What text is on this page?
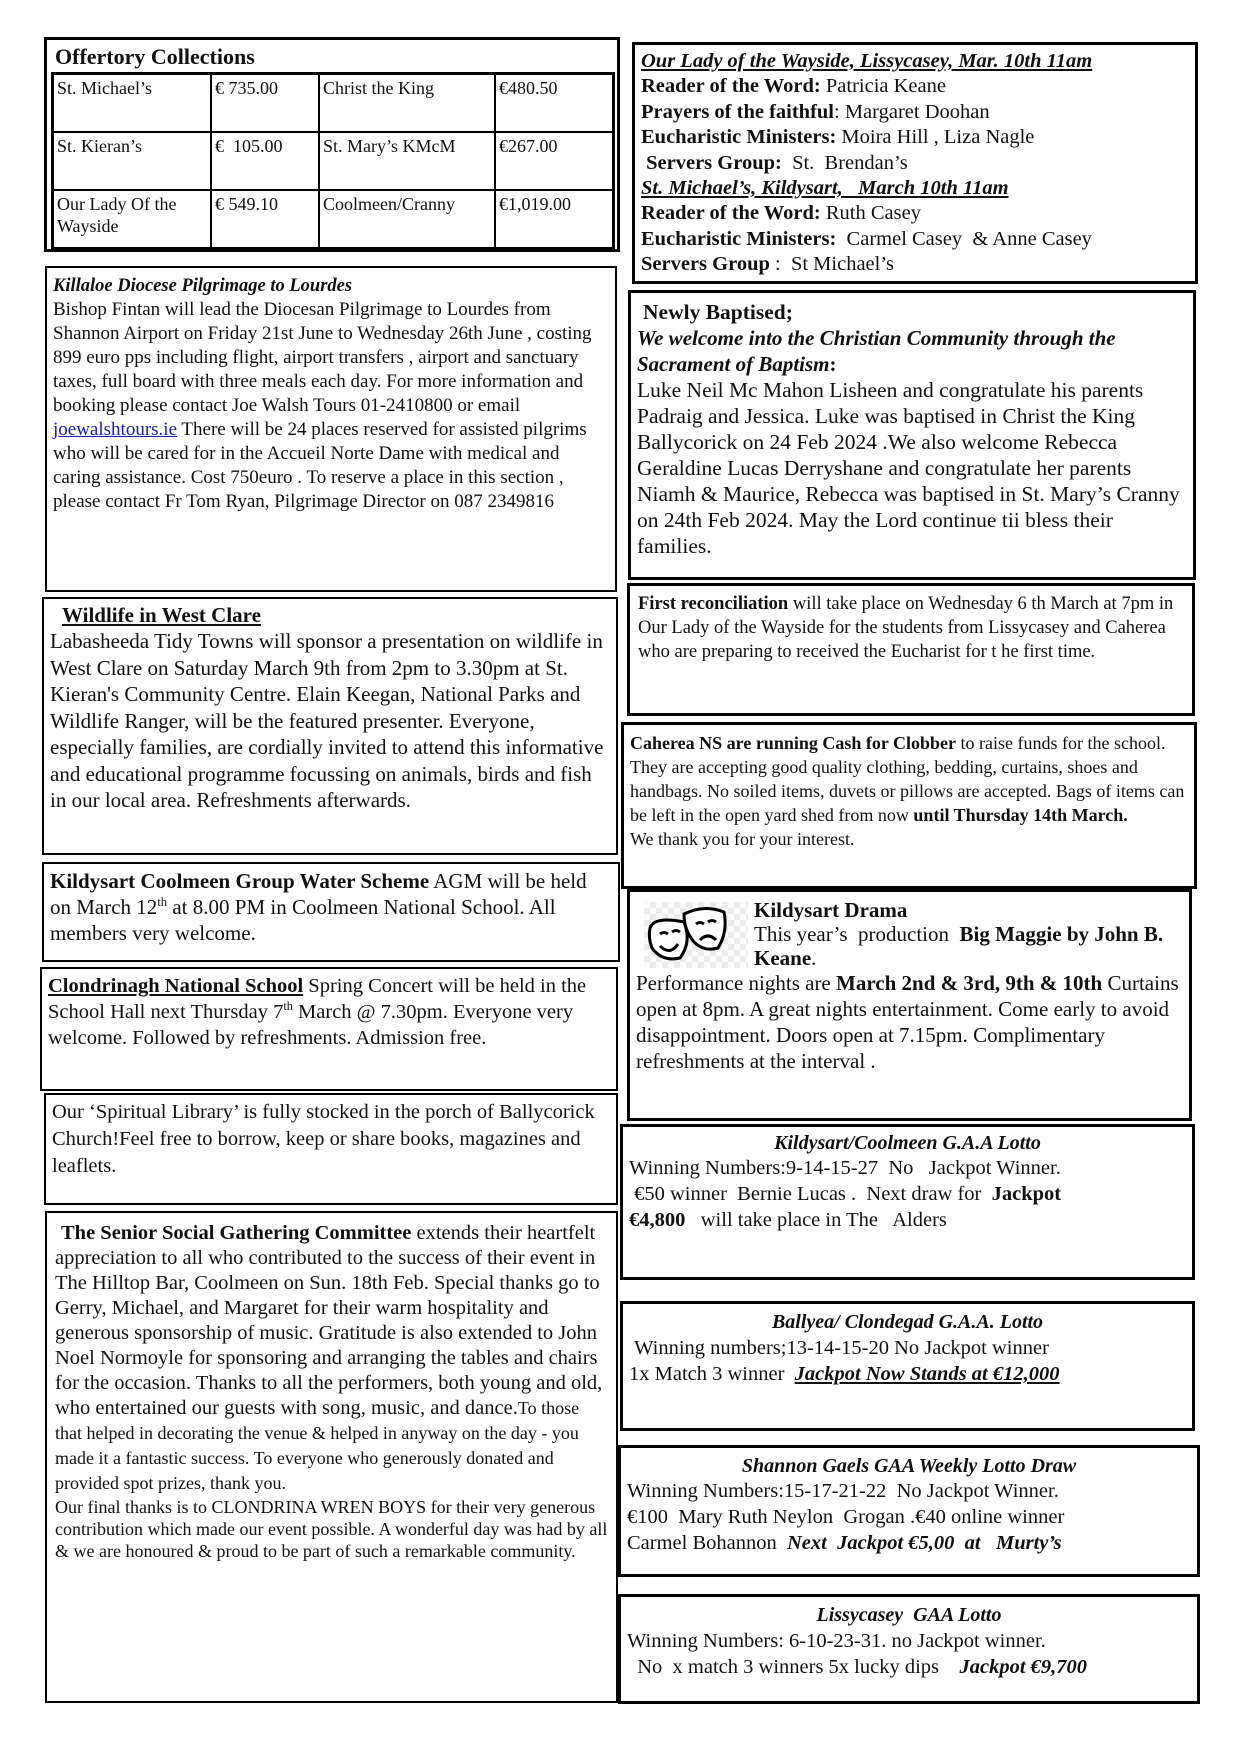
Offertory Collections
St. Michael’s	€ 735.00	Christ the King	€480.50
St. Kieran’s	€  105.00	St. Mary’s KMcM	€267.00
Our Lady Of the Wayside	€ 549.10	Coolmeen/Cranny	€1,019.00

Killaloe Diocese Pilgrimage to Lourdes

Bishop Fintan will lead the Diocesan Pilgrimage to Lourdes from Shannon Airport on Friday 21st June to Wednesday 26th June , costing 899 euro pps including flight, airport transfers , airport and sanctuary taxes, full board with three meals each day. For more information and booking please contact Joe Walsh Tours 01-2410800 or email joewalshtours.ie There will be 24 places reserved for assisted pilgrims who will be cared for in the Accueil Norte Dame with medical and caring assistance. Cost 750euro . To reserve a place in this section , please contact Fr Tom Ryan, Pilgrimage Director on 087 2349816

Wildlife in West Clare

Labasheeda Tidy Towns will sponsor a presentation on wildlife in West Clare on Saturday March 9th from 2pm to 3.30pm at St. Kieran's Community Centre. Elain Keegan, National Parks and Wildlife Ranger, will be the featured presenter. Everyone, especially families, are cordially invited to attend this informative and educational programme focussing on animals, birds and fish in our local area. Refreshments afterwards.

Kildysart Coolmeen Group Water Scheme AGM will be held on March 12th at 8.00 PM in Coolmeen National School. All members very welcome.

Clondrinagh National School Spring Concert will be held in the School Hall next Thursday 7th March @ 7.30pm. Everyone very welcome. Followed by refreshments. Admission free.

Our ‘Spiritual Library’ is fully stocked in the porch of Ballycorick Church!Feel free to borrow, keep or share books, magazines and leaflets.

The Senior Social Gathering Committee extends their heartfelt appreciation to all who contributed to the success of their event in The Hilltop Bar, Coolmeen on Sun. 18th Feb. Special thanks go to Gerry, Michael, and Margaret for their warm hospitality and generous sponsorship of music. Gratitude is also extended to John Noel Normoyle for sponsoring and arranging the tables and chairs for the occasion. Thanks to all the performers, both young and old, who entertained our guests with song, music, and dance.To those that helped in decorating the venue & helped in anyway on the day - you made it a fantastic success. To everyone who generously donated and provided spot prizes, thank you.

Our final thanks is to CLONDRINA WREN BOYS for their very generous contribution which made our event possible. A wonderful day was had by all & we are honoured & proud to be part of such a remarkable community.

Our Lady of the Wayside, Lissycasey, Mar. 10th 11am

Reader of the Word: Patricia Keane

Prayers of the faithful: Margaret Doohan

Eucharistic Ministers: Moira Hill , Liza Nagle

Servers Group:  St.  Brendan’s

St. Michael’s, Kildysart,   March 10th 11am

Reader of the Word: Ruth Casey

Eucharistic Ministers:  Carmel Casey  & Anne Casey

Servers Group :  St Michael’s

Newly Baptised;

We welcome into the Christian Community through the Sacrament of Baptism:

Luke Neil Mc Mahon Lisheen and congratulate his parents Padraig and Jessica. Luke was baptised in Christ the King Ballycorick on 24 Feb 2024 .We also welcome Rebecca Geraldine Lucas Derryshane and congratulate her parents Niamh & Maurice, Rebecca was baptised in St. Mary’s Cranny on 24th Feb 2024. May the Lord continue tii bless their families.

First reconciliation will take place on Wednesday 6 th March at 7pm in Our Lady of the Wayside for the students from Lissycasey and Caherea who are preparing to received the Eucharist for t he first time.

Caherea NS are running Cash for Clobber to raise funds for the school. They are accepting good quality clothing, bedding, curtains, shoes and handbags. No soiled items, duvets or pillows are accepted. Bags of items can be left in the open yard shed from now until Thursday 14th March.

We thank you for your interest.

Kildysart Drama

This year’s  production  Big Maggie by John B. Keane.

Performance nights are March 2nd & 3rd, 9th & 10th Curtains open at 8pm. A great nights entertainment. Come early to avoid disappointment. Doors open at 7.15pm. Complimentary refreshments at the interval .

Kildysart/Coolmeen G.A.A Lotto

Winning Numbers:9-14-15-27  No   Jackpot Winner.

€50 winner  Bernie Lucas .  Next draw for  Jackpot

€4,800   will take place in The   Alders

Ballyea/ Clondegad G.A.A. Lotto

Winning numbers;13-14-15-20 No Jackpot winner

1x Match 3 winner  Jackpot Now Stands at €12,000

Shannon Gaels GAA Weekly Lotto Draw

Winning Numbers:15-17-21-22  No Jackpot Winner.

€100  Mary Ruth Neylon  Grogan .€40 online winner

Carmel Bohannon  Next  Jackpot €5,00  at   Murty’s

Lissycasey  GAA Lotto

Winning Numbers: 6-10-23-31. no Jackpot winner.

No  x match 3 winners 5x lucky dips    Jackpot €9,700
